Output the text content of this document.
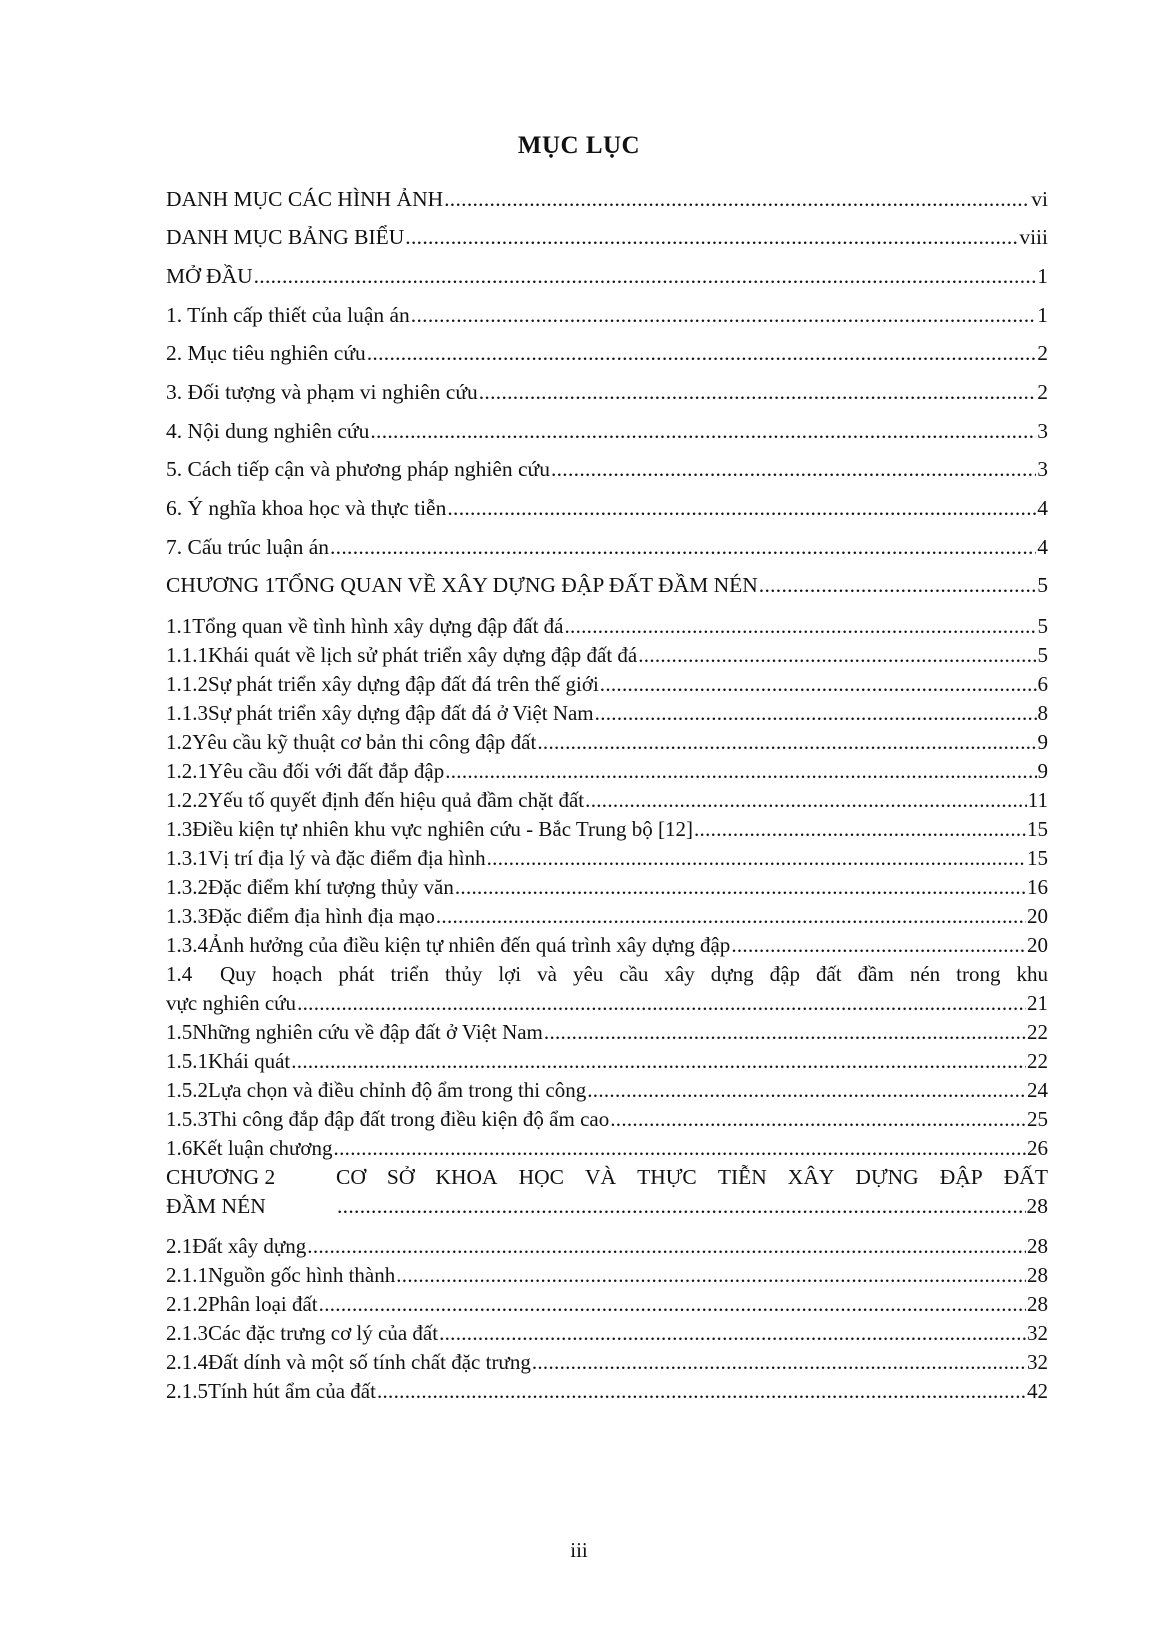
MỤC LỤC
DANH MỤC CÁC HÌNH ẢNH .....	vi
DANH MỤC BẢNG BIỂU .....	viii
MỞ ĐẦU .....	1
1. Tính cấp thiết của luận án .....	1
2. Mục tiêu nghiên cứu .....	2
3. Đối tượng và phạm vi nghiên cứu .....	2
4. Nội dung nghiên cứu .....	3
5. Cách tiếp cận và phương pháp nghiên cứu .....	3
6. Ý nghĩa khoa học và thực tiễn .....	4
7. Cấu trúc luận án .....	4
CHƯƠNG 1 TỔNG QUAN VỀ XÂY DỰNG ĐẬP ĐẤT ĐẦM NÉN .....	5
1.1 Tổng quan về tình hình xây dựng đập đất đá .....	5
1.1.1 Khái quát về lịch sử phát triển xây dựng đập đất đá .....	5
1.1.2 Sự phát triển xây dựng đập đất đá trên thế giới .....	6
1.1.3 Sự phát triển xây dựng đập đất đá ở Việt Nam .....	8
1.2 Yêu cầu kỹ thuật cơ bản thi công đập đất .....	9
1.2.1 Yêu cầu đối với đất đắp đập .....	9
1.2.2 Yếu tố quyết định đến hiệu quả đầm chặt đất .....	11
1.3 Điều kiện tự nhiên khu vực nghiên cứu - Bắc Trung bộ [12] .....	15
1.3.1 Vị trí địa lý và đặc điểm địa hình .....	15
1.3.2 Đặc điểm khí tượng thủy văn .....	16
1.3.3 Đặc điểm địa hình địa mạo .....	20
1.3.4 Ảnh hưởng của điều kiện tự nhiên đến quá trình xây dựng đập .....	20
1.4 Quy hoạch phát triển thủy lợi và yêu cầu xây dựng đập đất đầm nén trong khu
vực nghiên cứu .....	21
1.5 Những nghiên cứu về đập đất ở Việt Nam .....	22
1.5.1 Khái quát .....	22
1.5.2 Lựa chọn và điều chỉnh độ ẩm trong thi công .....	24
1.5.3 Thi công đắp đập đất trong điều kiện độ ẩm cao .....	25
1.6 Kết luận chương .....	26
CHƯƠNG 2	CƠ SỞ KHOA HỌC VÀ THỰC TIỄN XÂY DỰNG ĐẬP ĐẤT
ĐẦM NÉN .....	28
2.1 Đất xây dựng .....	28
2.1.1 Nguồn gốc hình thành .....	28
2.1.2 Phân loại đất .....	28
2.1.3 Các đặc trưng cơ lý của đất .....	32
2.1.4 Đất dính và một số tính chất đặc trưng .....	32
2.1.5 Tính hút ẩm của đất .....	42
iii
